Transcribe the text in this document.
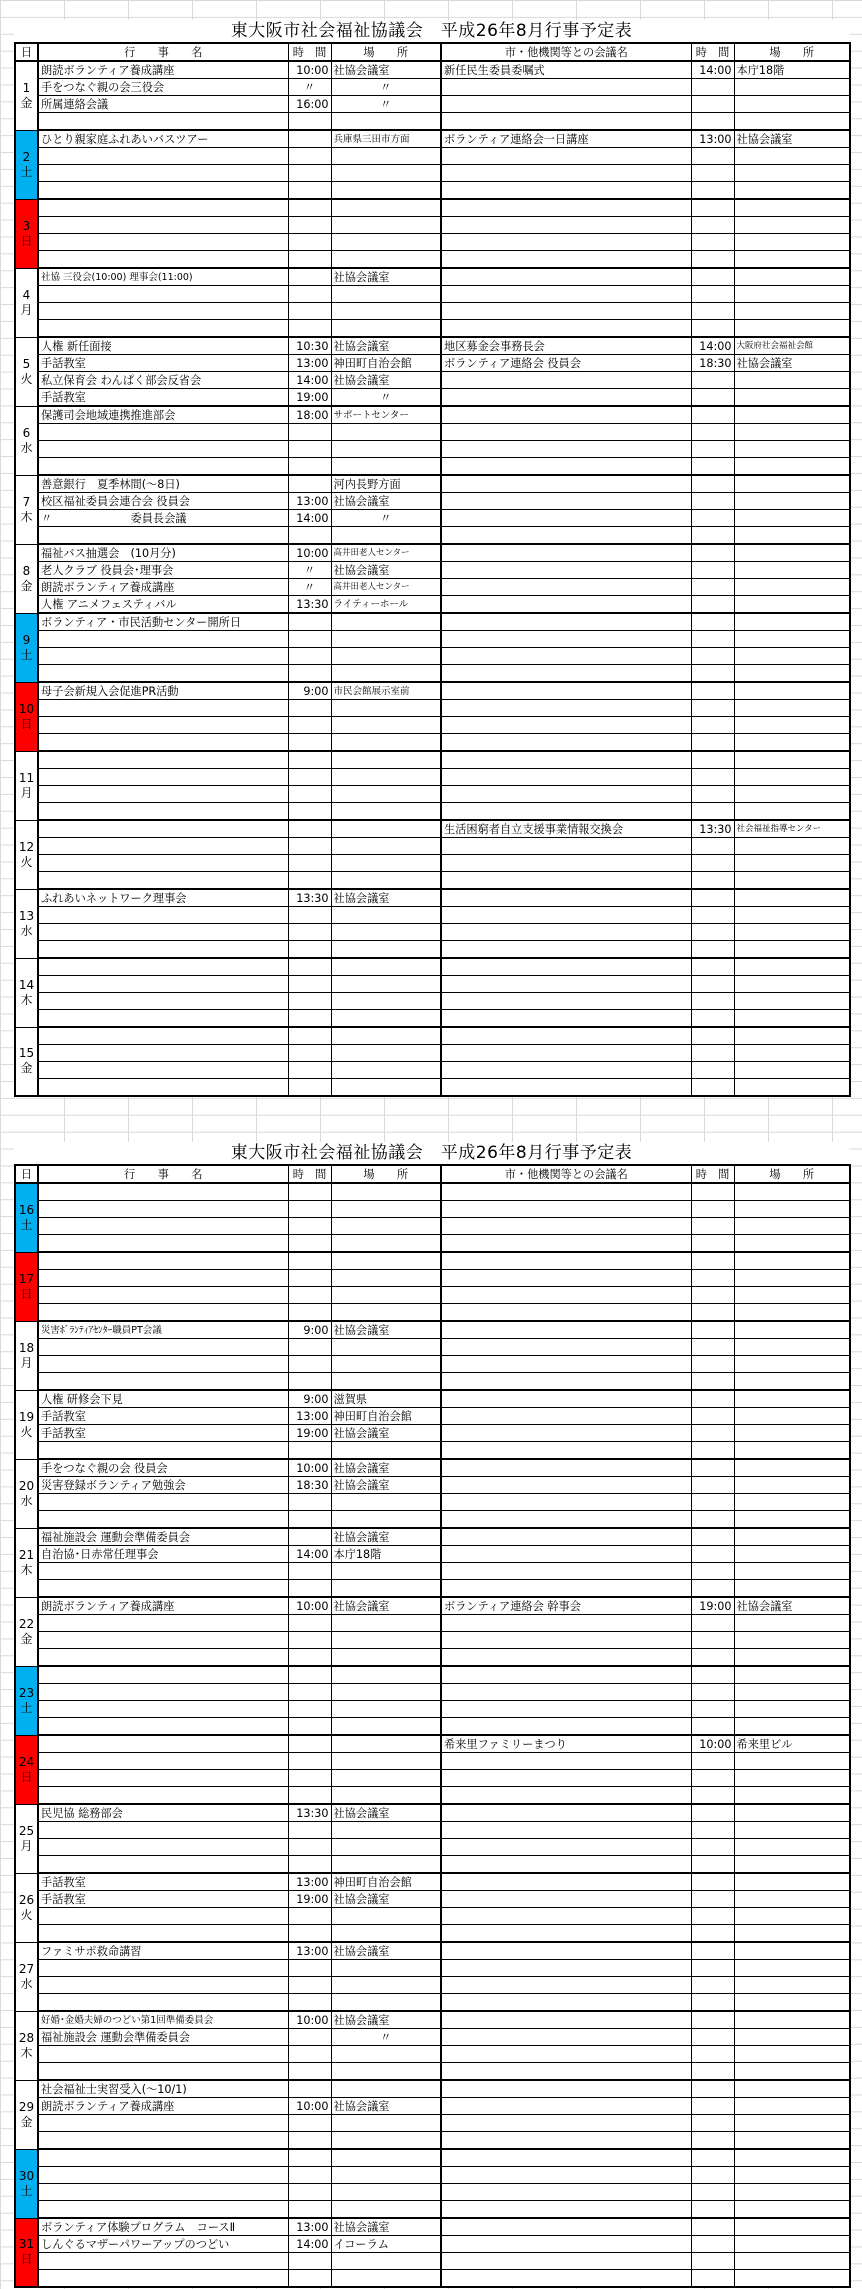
東大阪市社会福祉協議会　平成26年8月行事予定表
日	行　　事　　名	時　間	場　　所	市・他機関等との会議名	時　間	場　　所

1
金	朗読ボランティア養成講座	10:00	社協会議室	新任民生委員委嘱式	14:00	本庁18階
	手をつなぐ親の会三役会	〃	〃			
	所属連絡会議	16:00	〃			

2
土	ひとり親家庭ふれあいバスツアー		兵庫県三田市方面	ボランティア連絡会一日講座	13:00	社協会議室

3
日						

4
月	社協 三役会(10:00) 理事会(11:00)		社協会議室			

5
火	人権 新任面接	10:30	社協会議室	地区募金会事務長会	14:00	大阪府社会福祉会館
	手話教室	13:00	神田町自治会館	ボランティア連絡会 役員会	18:30	社協会議室
	私立保育会 わんぱく部会反省会	14:00	社協会議室			
	手話教室	19:00	〃			

6
水	保護司会地域連携推進部会	18:00	サポートセンター			

7
木	善意銀行　夏季林間(～8日)		河内長野方面			
	校区福祉委員会連合会 役員会	13:00	社協会議室			
	〃　　　　　　　委員長会議	14:00	〃			

8
金	福祉バス抽選会　(10月分)	10:00	高井田老人センター			
	老人クラブ 役員会･理事会	〃	社協会議室			
	朗読ボランティア養成講座	〃	高井田老人センター			
	人権 アニメフェスティバル	13:30	ライティーホール			

9
土	ボランティア・市民活動センター開所日					

10
日	母子会新規入会促進PR活動	9:00	市民会館展示室前			

11
月						

12
火				生活困窮者自立支援事業情報交換会	13:30	社会福祉指導センター

13
水	ふれあいネットワーク理事会	13:30	社協会議室			

14
木						

15
金						

東大阪市社会福祉協議会　平成26年8月行事予定表
日	行　　事　　名	時　間	場　　所	市・他機関等との会議名	時　間	場　　所

16
土						

17
日						

18
月	災害ﾎﾞﾗﾝﾃｨｱｾﾝﾀｰ職員PT会議	9:00	社協会議室			

19
火	人権 研修会下見	9:00	滋賀県			
	手話教室	13:00	神田町自治会館			
	手話教室	19:00	社協会議室			

20
水	手をつなぐ親の会 役員会	10:00	社協会議室			
	災害登録ボランティア勉強会	18:30	社協会議室			

21
木	福祉施設会 運動会準備委員会		社協会議室			
	自治協･日赤常任理事会	14:00	本庁18階			

22
金	朗読ボランティア養成講座	10:00	社協会議室	ボランティア連絡会 幹事会	19:00	社協会議室

23
土						

24
日				希来里ファミリーまつり	10:00	希来里ビル

25
月	民児協 総務部会	13:30	社協会議室			

26
火	手話教室	13:00	神田町自治会館			
	手話教室	19:00	社協会議室			

27
水	ファミサポ救命講習	13:00	社協会議室			

28
木	好婚･金婚夫婦のつどい第1回準備委員会	10:00	社協会議室			
	福祉施設会 運動会準備委員会		〃			

29
金	社会福祉士実習受入(～10/1)					
	朗読ボランティア養成講座	10:00	社協会議室			

30
土						

31
日	ボランティア体験プログラム　コースⅡ	13:00	社協会議室			
	しんぐるマザーパワーアップのつどい	14:00	イコーラム			
